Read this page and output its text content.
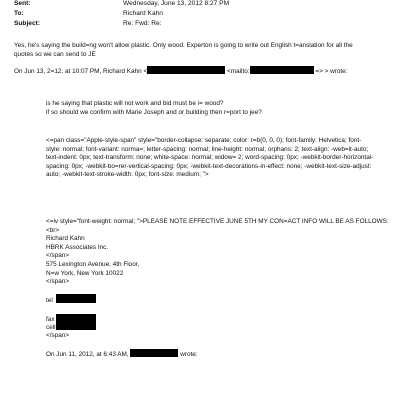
Sent:	Wednesday, June 13, 2012 8:27 PM
To:	Richard Kahn
Subject:	Re: Fwd: Re:
Yes, he's saying the build=ng won't allow plastic. Only wood. Experton is going to write out English t=anslation for all the
quotes so we can send to JE
On Jun 13, 2=12, at 10:07 PM, Richard Kahn <	<mailto:	=> > wrote:
is he saying that plastic will not work and bid must be i= wood?
if so should we confirm with Marie Joseph and or building then r=port to jee?
<=pan class="Apple-style-span" style="border-collapse: separate; color: r=b(0, 0, 0); font-family: Helvetica; font-
style: normal; font-variant: norma=; letter-spacing: normal; line-height: normal; orphans: 2; text-align: -web=it-auto;
text-indent: 0px; text-transform: none; white-space: normal; widow= 2; word-spacing: 0px; -webkit-border-horizontal-
spacing: 0px; -webkit-bo=rer-vertical-spacing: 0px; -webkit-text-decorations-in-effect: none; -webkit-text-size-adjust:
auto; -webkit-text-stroke-width: 0px; font-size: medium; ">
<=iv style="font-weight: normal; ">PLEASE NOTE EFFECTIVE JUNE 5TH MY CON=ACT INFO WILL BE AS FOLLOWS:
<br>
Richard Kahn
HBRK Associates Inc.
</span>
575 Lexington Avenue, 4th Floor,
N=w York, New York 10022
</span>
tel
fax
cell
</span>
On Jun 11, 2012, at 6:43 AM,	wrote:
